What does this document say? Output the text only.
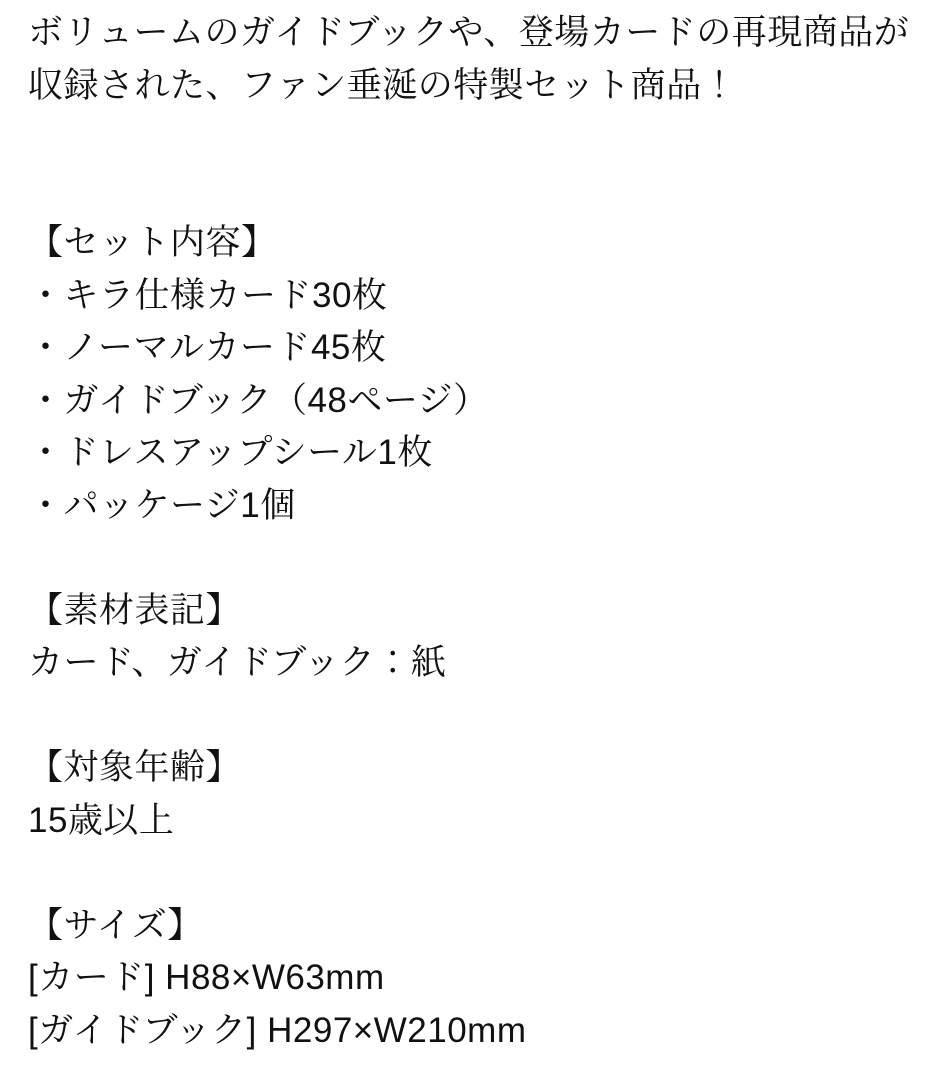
ボリュームのガイドブックや、登場カードの再現商品が

収録された、ファン垂涎の特製セット商品！

【セット内容】

・キラ仕様カード30枚

・ノーマルカード45枚

・ガイドブック（48ページ）

・ドレスアップシール1枚

・パッケージ1個

【素材表記】

カード、ガイドブック：紙

【対象年齢】

15歳以上

【サイズ】

[カード] H88×W63mm

[ガイドブック] H297×W210mm
